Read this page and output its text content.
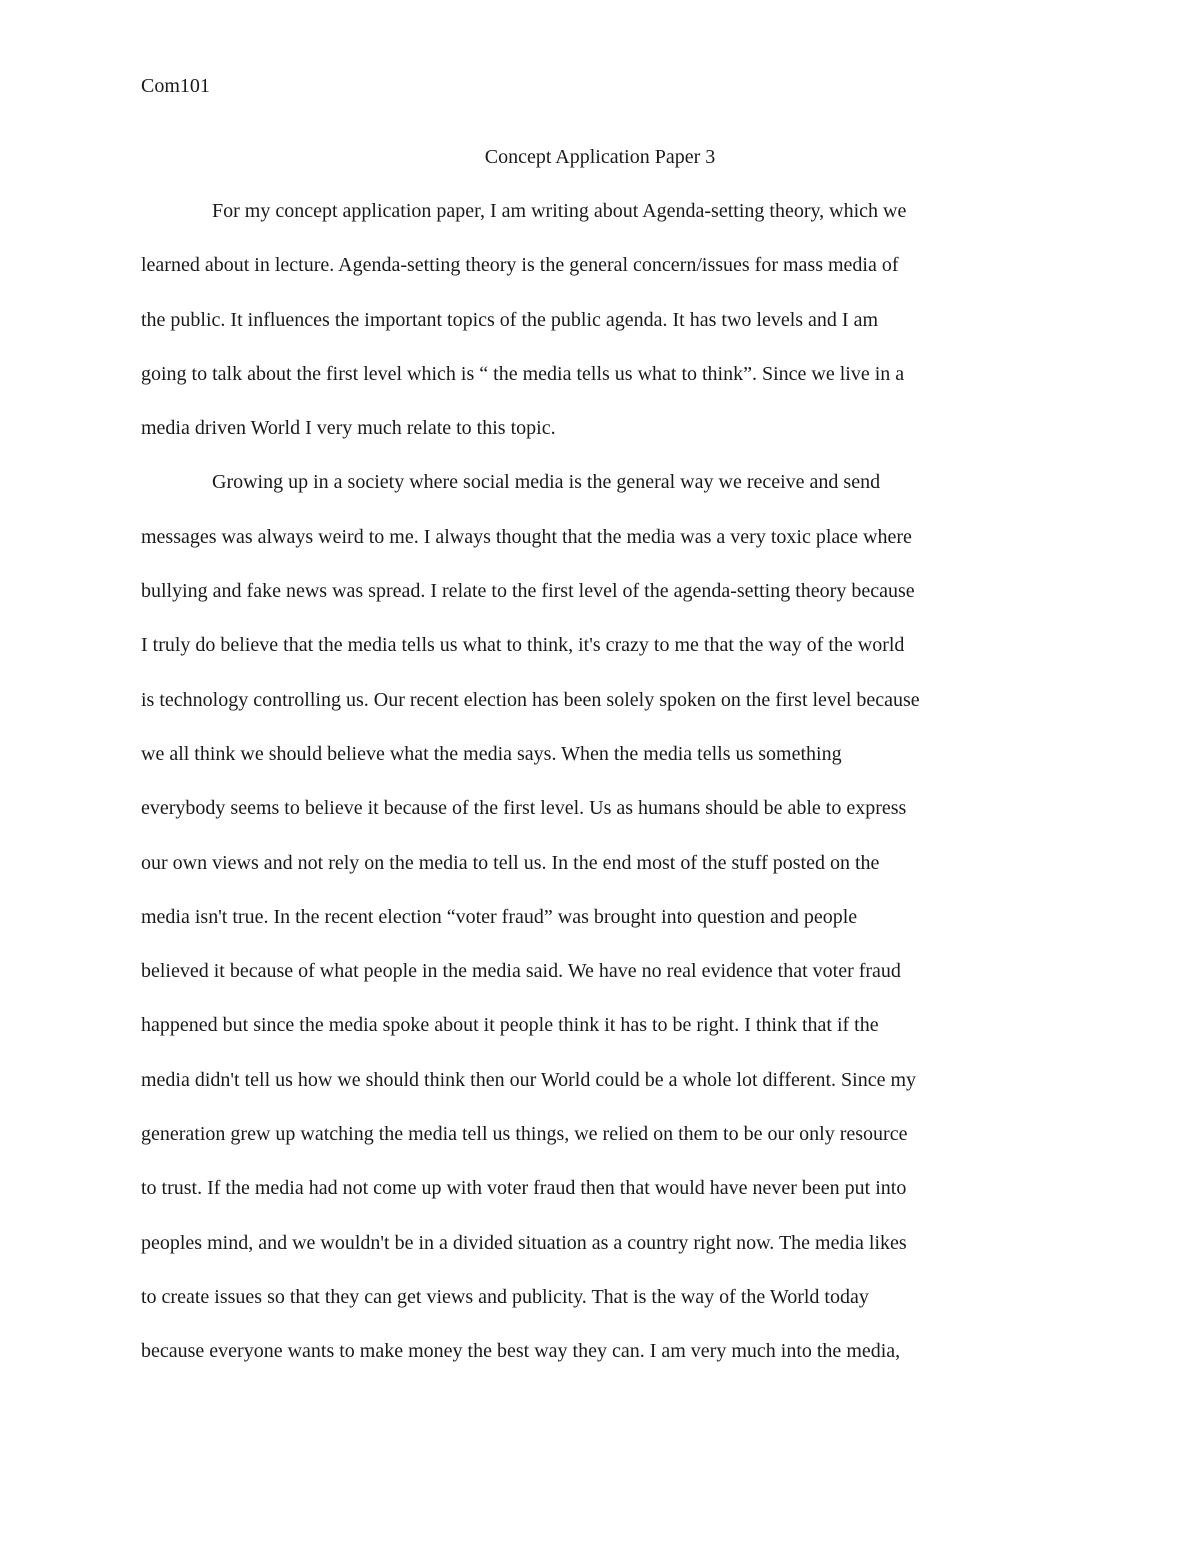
Com101

Concept Application Paper 3
For my concept application paper, I am writing about Agenda-setting theory, which we
learned about in lecture. Agenda-setting theory is the general concern/issues for mass media of
the public. It influences the important topics of the public agenda. It has two levels and I am
going to talk about the first level which is “ the media tells us what to think”. Since we live in a
media driven World I very much relate to this topic.
Growing up in a society where social media is the general way we receive and send
messages was always weird to me. I always thought that the media was a very toxic place where
bullying and fake news was spread. I relate to the first level of the agenda-setting theory because
I truly do believe that the media tells us what to think, it's crazy to me that the way of the world
is technology controlling us. Our recent election has been solely spoken on the first level because
we all think we should believe what the media says. When the media tells us something
everybody seems to believe it because of the first level. Us as humans should be able to express
our own views and not rely on the media to tell us. In the end most of the stuff posted on the
media isn't true. In the recent election “voter fraud” was brought into question and people
believed it because of what people in the media said. We have no real evidence that voter fraud
happened but since the media spoke about it people think it has to be right. I think that if the
media didn't tell us how we should think then our World could be a whole lot different. Since my
generation grew up watching the media tell us things, we relied on them to be our only resource
to trust. If the media had not come up with voter fraud then that would have never been put into
peoples mind, and we wouldn't be in a divided situation as a country right now. The media likes
to create issues so that they can get views and publicity. That is the way of the World today
because everyone wants to make money the best way they can. I am very much into the media,
